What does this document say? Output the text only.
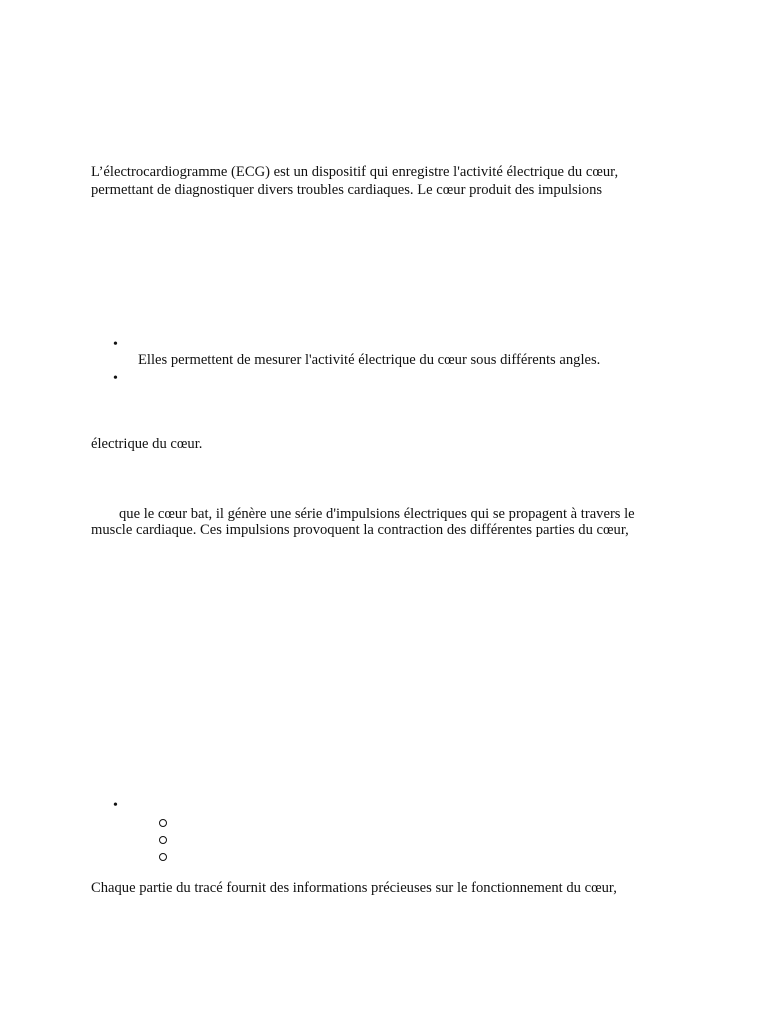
L’électrocardiogramme (ECG) est un dispositif qui enregistre l'activité électrique du cœur,

permettant de diagnostiquer divers troubles cardiaques. Le cœur produit des impulsions

•

Elles permettent de mesurer l'activité électrique du cœur sous différents angles.

•

électrique du cœur.

que le cœur bat, il génère une série d'impulsions électriques qui se propagent à travers le

muscle cardiaque. Ces impulsions provoquent la contraction des différentes parties du cœur,

•

Chaque partie du tracé fournit des informations précieuses sur le fonctionnement du cœur,
